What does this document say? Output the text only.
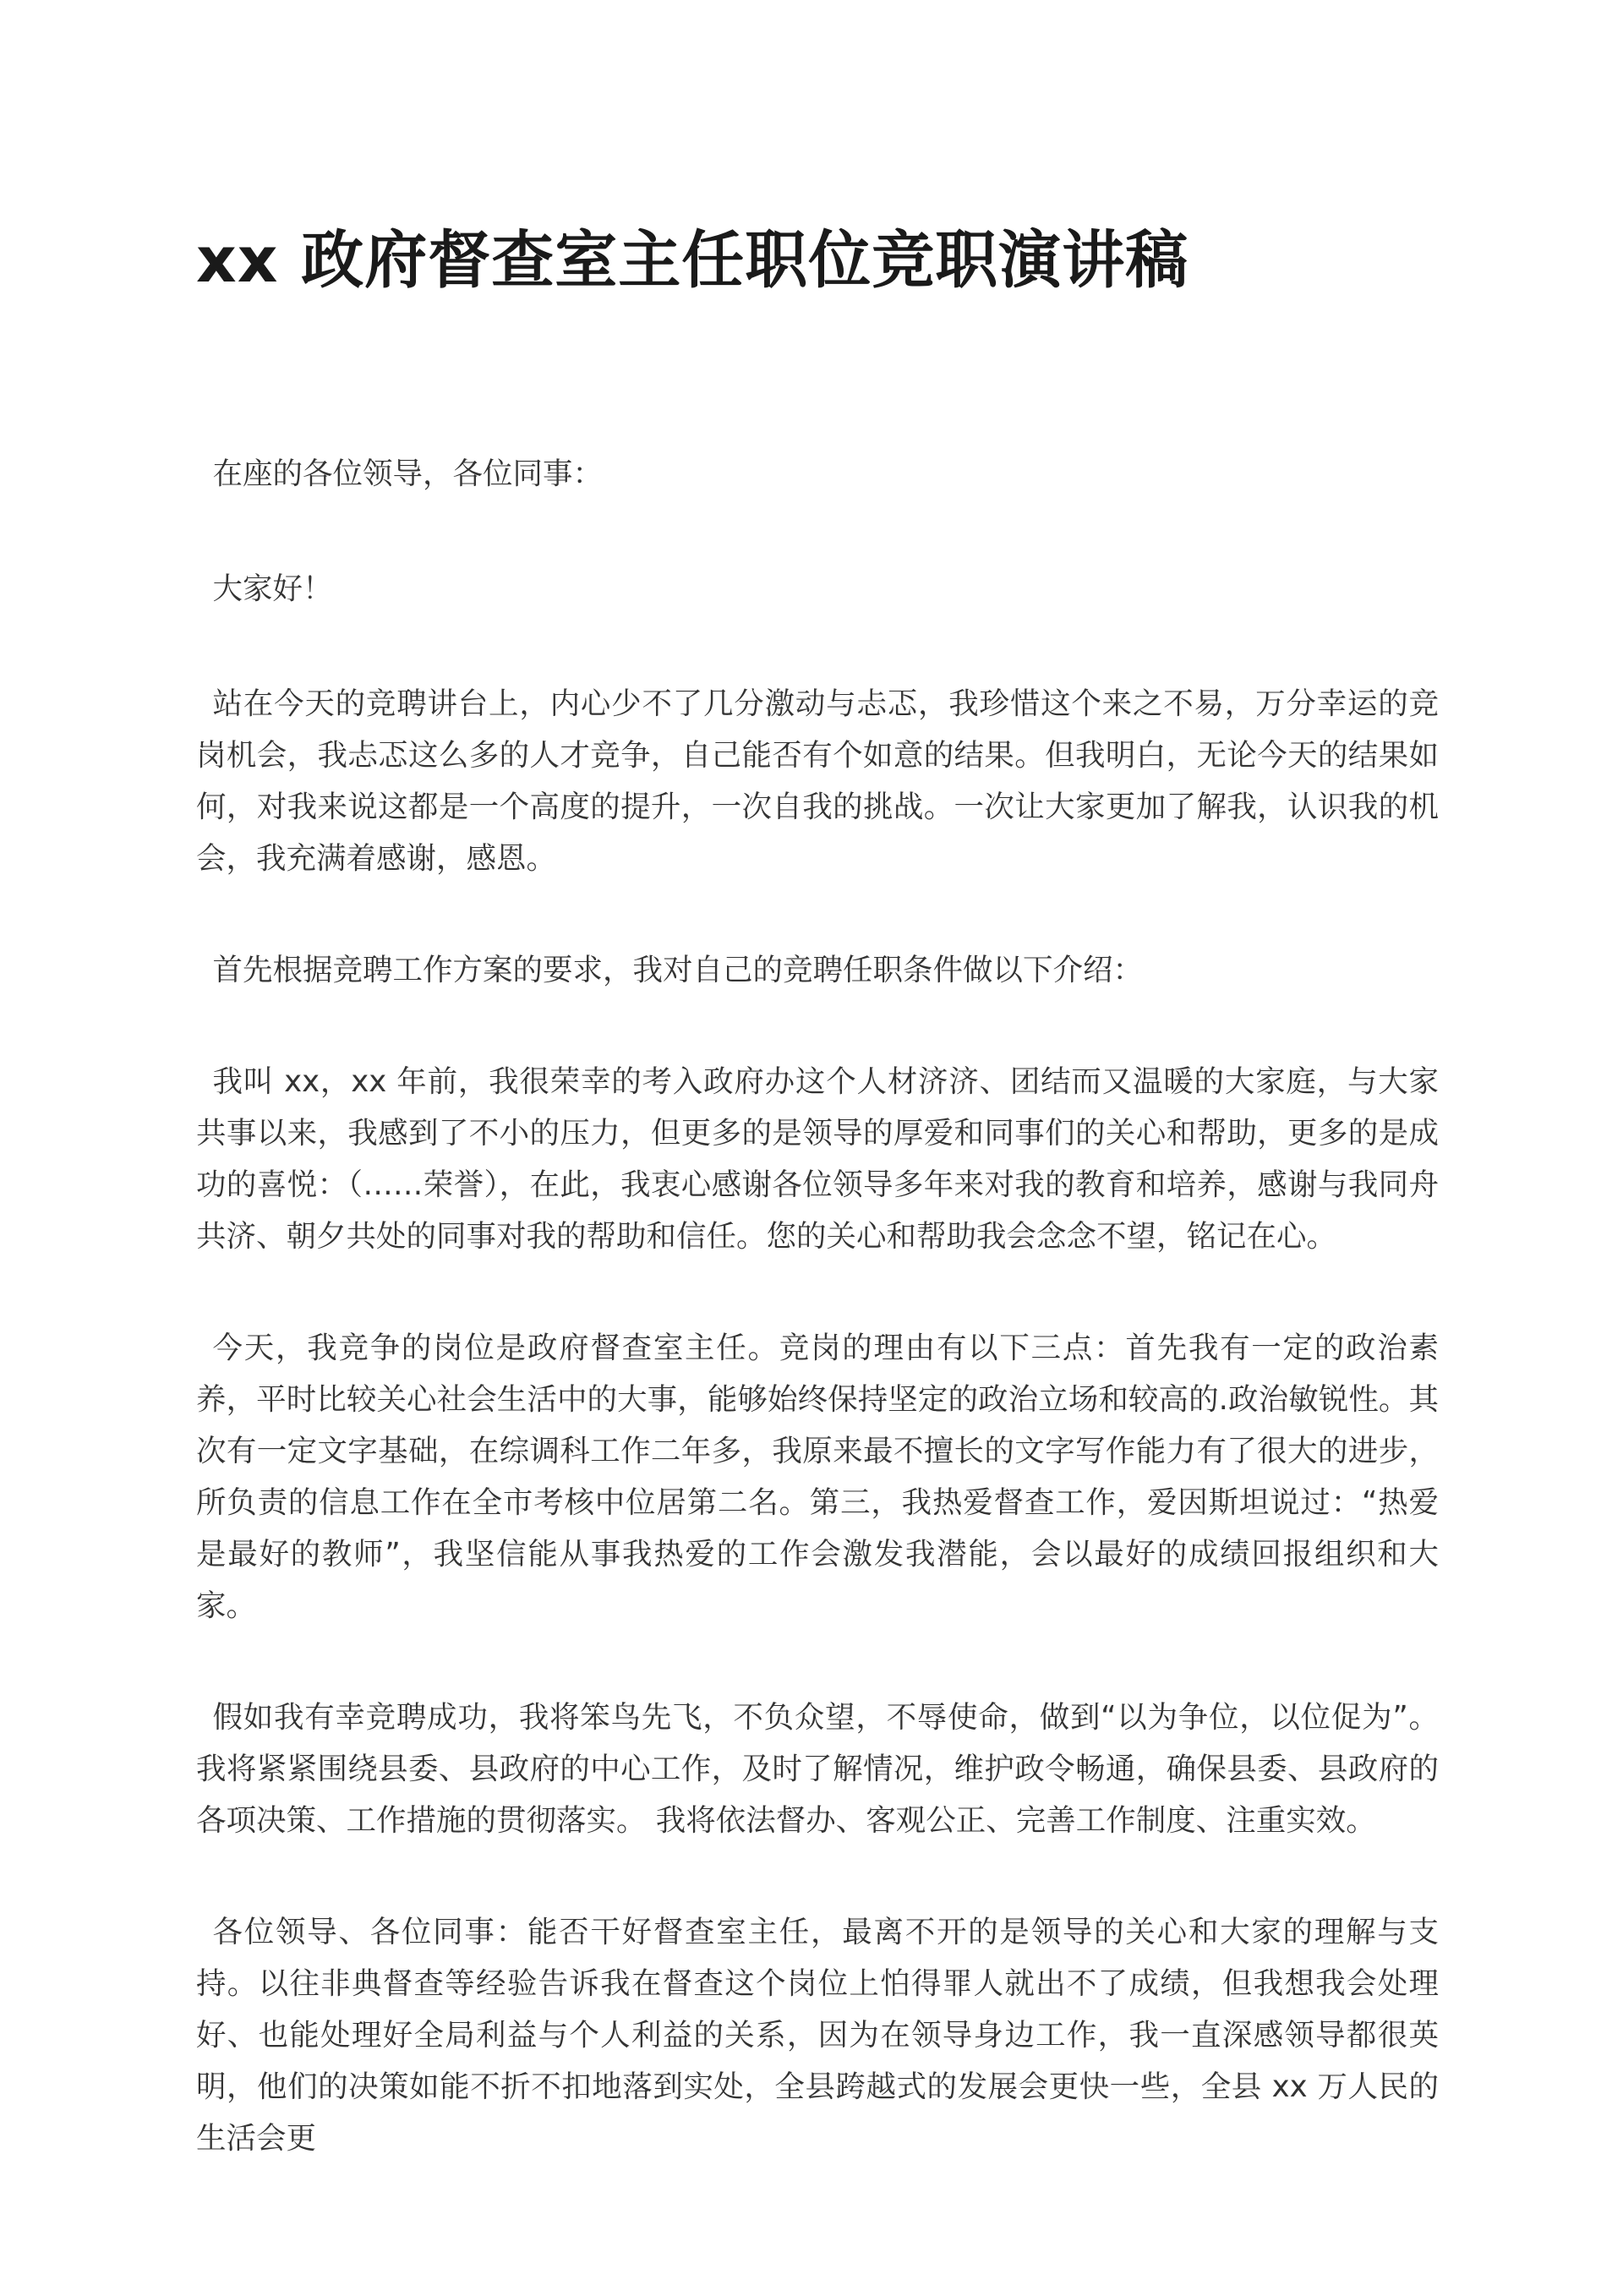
xx 政府督查室主任职位竞职演讲稿

在座的各位领导，各位同事：

大家好！

站在今天的竞聘讲台上，内心少不了几分激动与忐忑，我珍惜这个来之不易，万分幸运的竞岗机会，我忐忑这么多的人才竞争，自己能否有个如意的结果。但我明白，无论今天的结果如何，对我来说这都是一个高度的提升，一次自我的挑战。一次让大家更加了解我，认识我的机会，我充满着感谢，感恩。

首先根据竞聘工作方案的要求，我对自己的竞聘任职条件做以下介绍：

我叫 xx，xx 年前，我很荣幸的考入政府办这个人材济济、团结而又温暖的大家庭，与大家共事以来，我感到了不小的压力，但更多的是领导的厚爱和同事们的关心和帮助，更多的是成功的喜悦：（……荣誉），在此，我衷心感谢各位领导多年来对我的教育和培养，感谢与我同舟共济、朝夕共处的同事对我的帮助和信任。您的关心和帮助我会念念不望，铭记在心。

今天，我竞争的岗位是政府督查室主任。竞岗的理由有以下三点：首先我有一定的政治素养，平时比较关心社会生活中的大事，能够始终保持坚定的政治立场和较高的.政治敏锐性。其次有一定文字基础，在综调科工作二年多，我原来最不擅长的文字写作能力有了很大的进步，所负责的信息工作在全市考核中位居第二名。第三，我热爱督查工作，爱因斯坦说过：“热爱是最好的教师”，我坚信能从事我热爱的工作会激发我潜能，会以最好的成绩回报组织和大家。

假如我有幸竞聘成功，我将笨鸟先飞，不负众望，不辱使命，做到“以为争位，以位促为”。我将紧紧围绕县委、县政府的中心工作，及时了解情况，维护政令畅通，确保县委、县政府的各项决策、工作措施的贯彻落实。 我将依法督办、客观公正、完善工作制度、注重实效。

各位领导、各位同事：能否干好督查室主任，最离不开的是领导的关心和大家的理解与支持。以往非典督查等经验告诉我在督查这个岗位上怕得罪人就出不了成绩，但我想我会处理好、也能处理好全局利益与个人利益的关系，因为在领导身边工作，我一直深感领导都很英明，他们的决策如能不折不扣地落到实处，全县跨越式的发展会更快一些，全县 xx 万人民的生活会更
